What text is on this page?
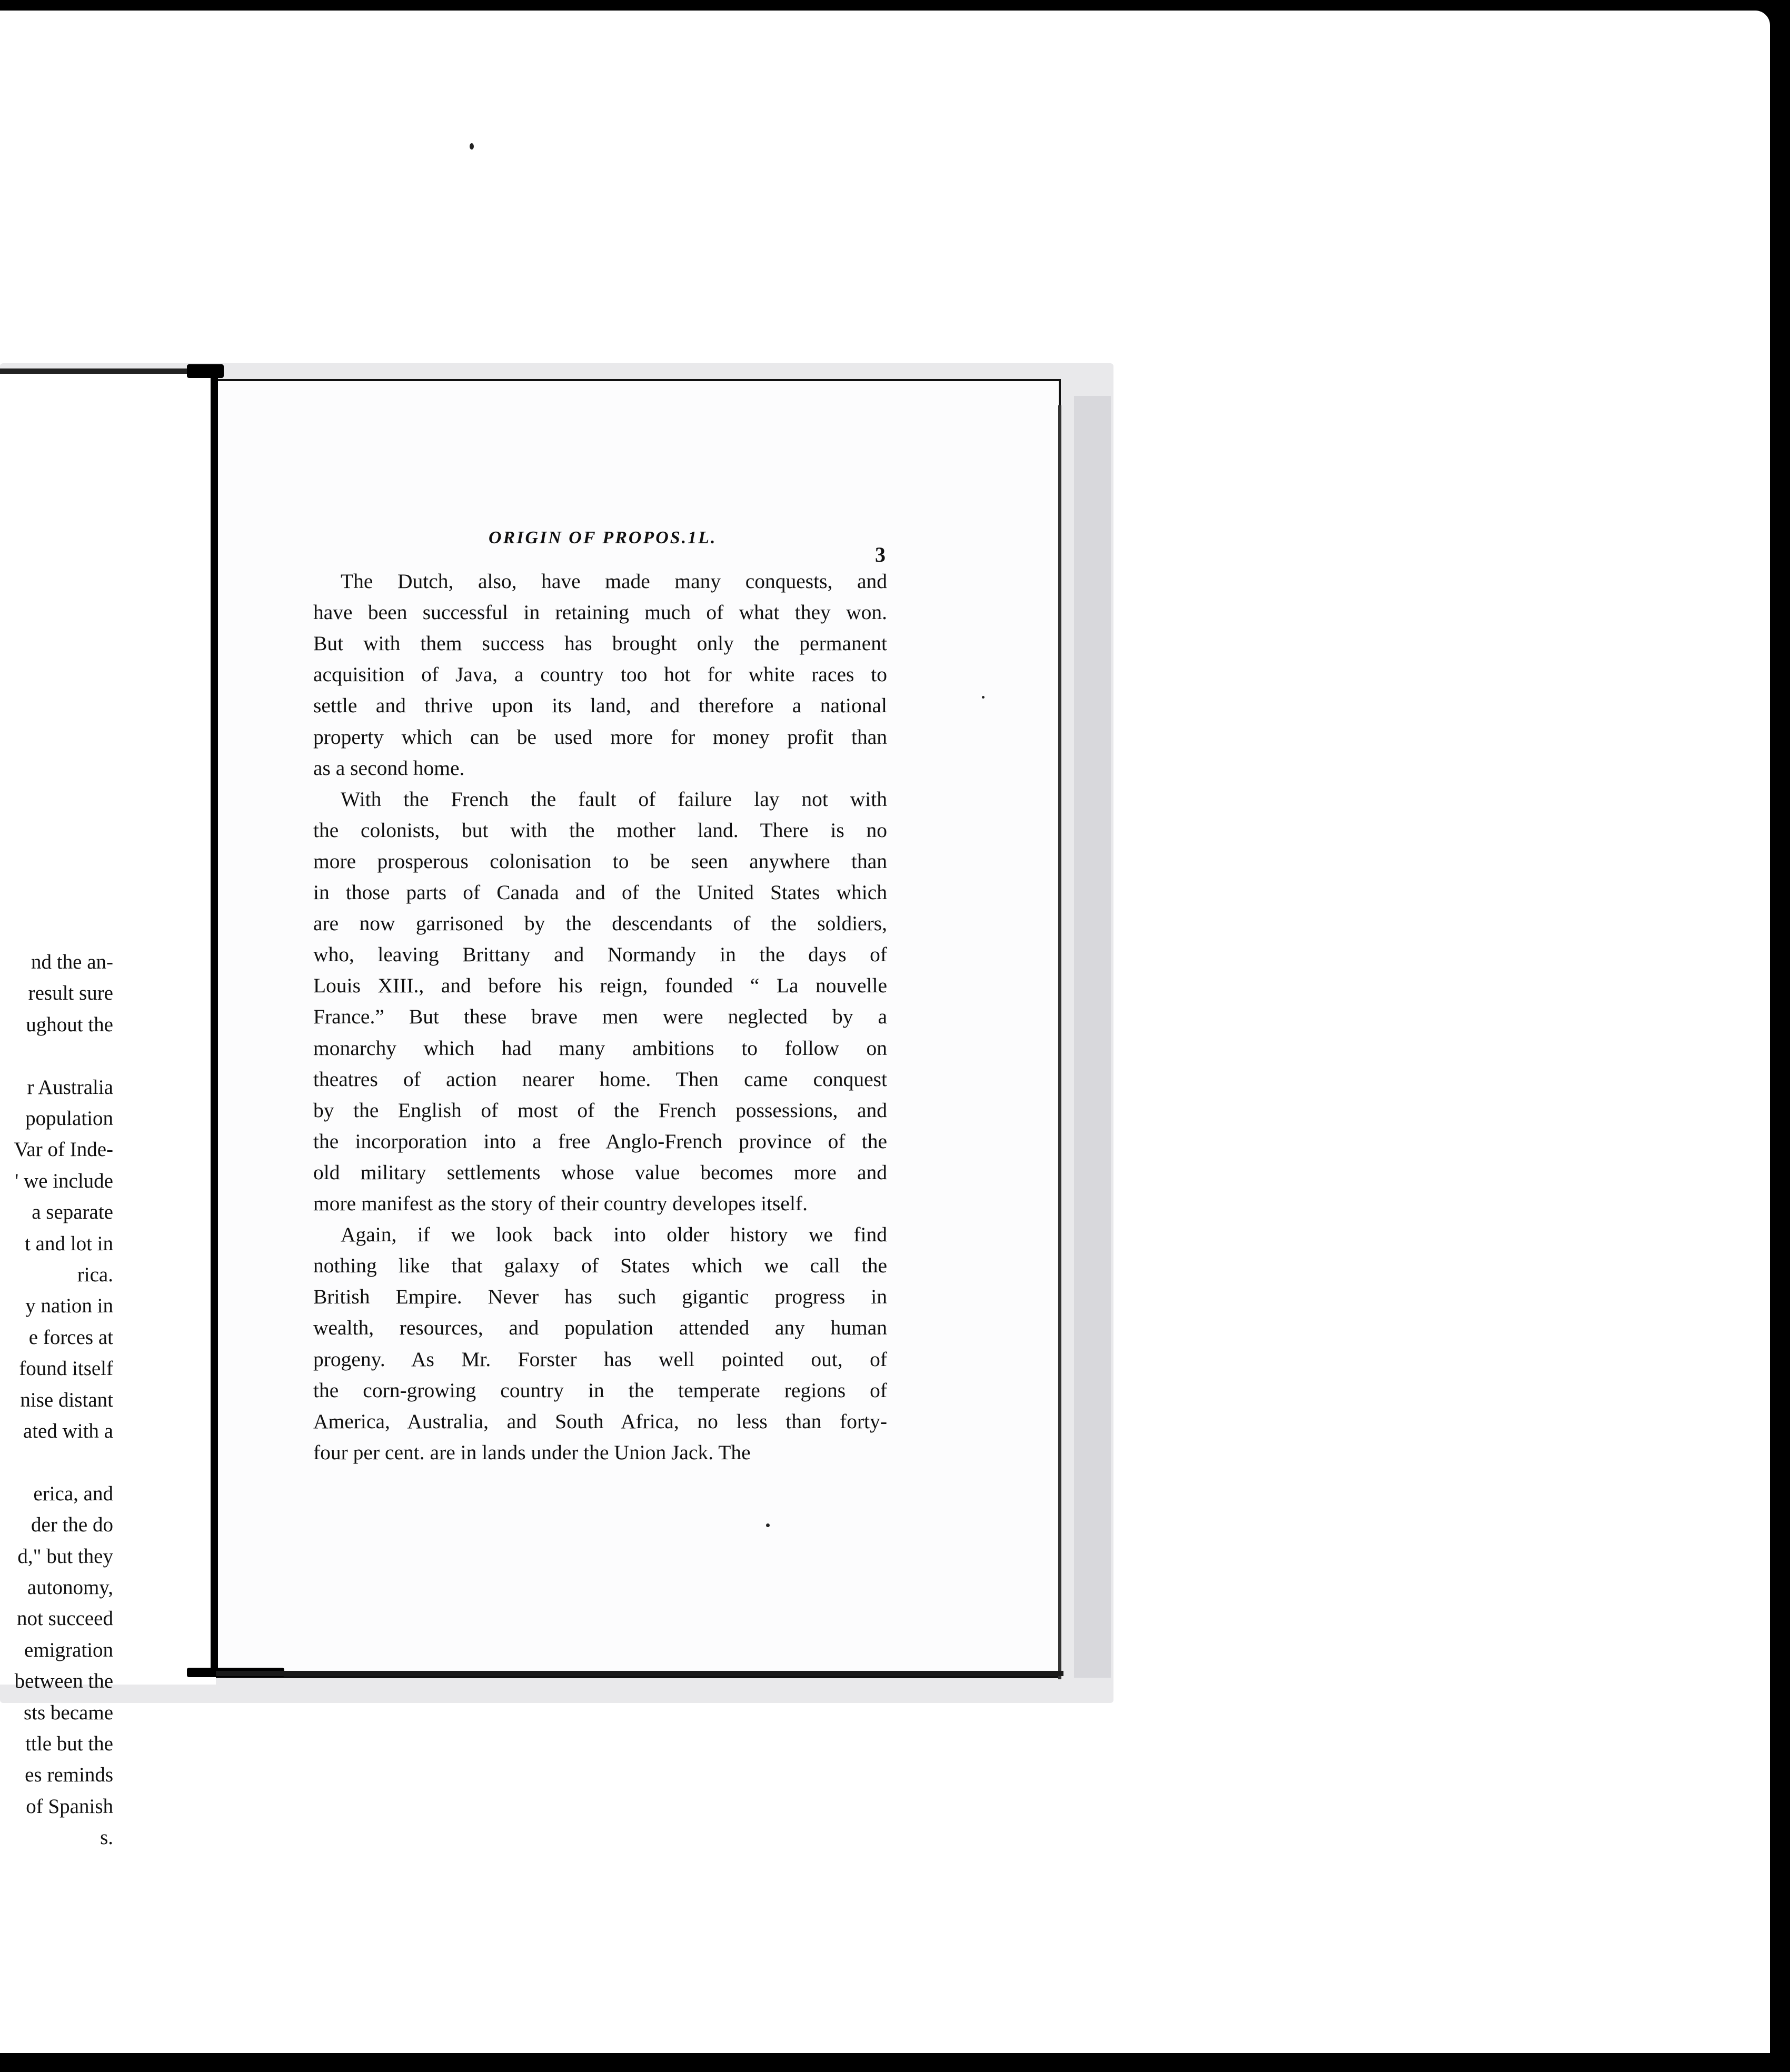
nd the an-
result sure
ughout the
r Australia
population
Var of Inde-
' we include
a separate
t and lot in
rica.
y nation in
e forces at
found itself
nise distant
ated with a
erica, and
der the do
d," but they
autonomy,
not succeed
emigration
between the
sts became
ttle but the
es reminds
of Spanish
s.
ORIGIN OF PROPOS.1L.
3
The Dutch, also, have made many conquests, and
have been successful in retaining much of what they won.
But with them success has brought only the permanent
acquisition of Java, a country too hot for white races to
settle and thrive upon its land, and therefore a national
property which can be used more for money profit than
as a second home.
With the French the fault of failure lay not with
the colonists, but with the mother land. There is no
more prosperous colonisation to be seen anywhere than
in those parts of Canada and of the United States which
are now garrisoned by the descendants of the soldiers,
who, leaving Brittany and Normandy in the days of
Louis XIII., and before his reign, founded “ La nouvelle
France.” But these brave men were neglected by a
monarchy which had many ambitions to follow on
theatres of action nearer home. Then came conquest
by the English of most of the French possessions, and
the incorporation into a free Anglo-French province of the
old military settlements whose value becomes more and
more manifest as the story of their country developes itself.
Again, if we look back into older history we find
nothing like that galaxy of States which we call the
British Empire. Never has such gigantic progress in
wealth, resources, and population attended any human
progeny. As Mr. Forster has well pointed out, of
the corn-growing country in the temperate regions of
America, Australia, and South Africa, no less than forty-
four per cent. are in lands under the Union Jack. The
